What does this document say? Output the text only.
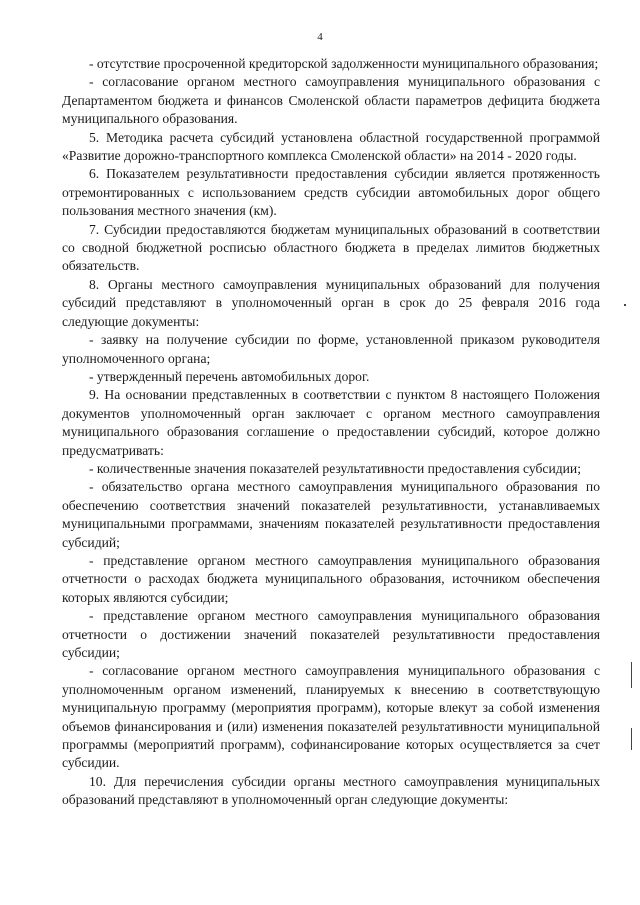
4

- отсутствие просроченной кредиторской задолженности муниципального образования;

- согласование органом местного самоуправления муниципального образования с Департаментом бюджета и финансов Смоленской области параметров дефицита бюджета муниципального образования.

5. Методика расчета субсидий установлена областной государственной программой «Развитие дорожно-транспортного комплекса Смоленской области» на 2014 - 2020 годы.

6. Показателем результативности предоставления субсидии является протяженность отремонтированных с использованием средств субсидии автомобильных дорог общего пользования местного значения (км).

7. Субсидии предоставляются бюджетам муниципальных образований в соответствии со сводной бюджетной росписью областного бюджета в пределах лимитов бюджетных обязательств.

8. Органы местного самоуправления муниципальных образований для получения субсидий представляют в уполномоченный орган в срок до 25 февраля 2016 года следующие документы:

- заявку на получение субсидии по форме, установленной приказом руководителя уполномоченного органа;

- утвержденный перечень автомобильных дорог.

9. На основании представленных в соответствии с пунктом 8 настоящего Положения документов уполномоченный орган заключает с органом местного самоуправления муниципального образования соглашение о предоставлении субсидий, которое должно предусматривать:

- количественные значения показателей результативности предоставления субсидии;

- обязательство органа местного самоуправления муниципального образования по обеспечению соответствия значений показателей результативности, устанавливаемых муниципальными программами, значениям показателей результативности предоставления субсидий;

- представление органом местного самоуправления муниципального образования отчетности о расходах бюджета муниципального образования, источником обеспечения которых являются субсидии;

- представление органом местного самоуправления муниципального образования отчетности о достижении значений показателей результативности предоставления субсидии;

- согласование органом местного самоуправления муниципального образования с уполномоченным органом изменений, планируемых к внесению в соответствующую муниципальную программу (мероприятия программ), которые влекут за собой изменения объемов финансирования и (или) изменения показателей результативности муниципальной программы (мероприятий программ), софинансирование которых осуществляется за счет субсидии.

10. Для перечисления субсидии органы местного самоуправления муниципальных образований представляют в уполномоченный орган следующие документы:
